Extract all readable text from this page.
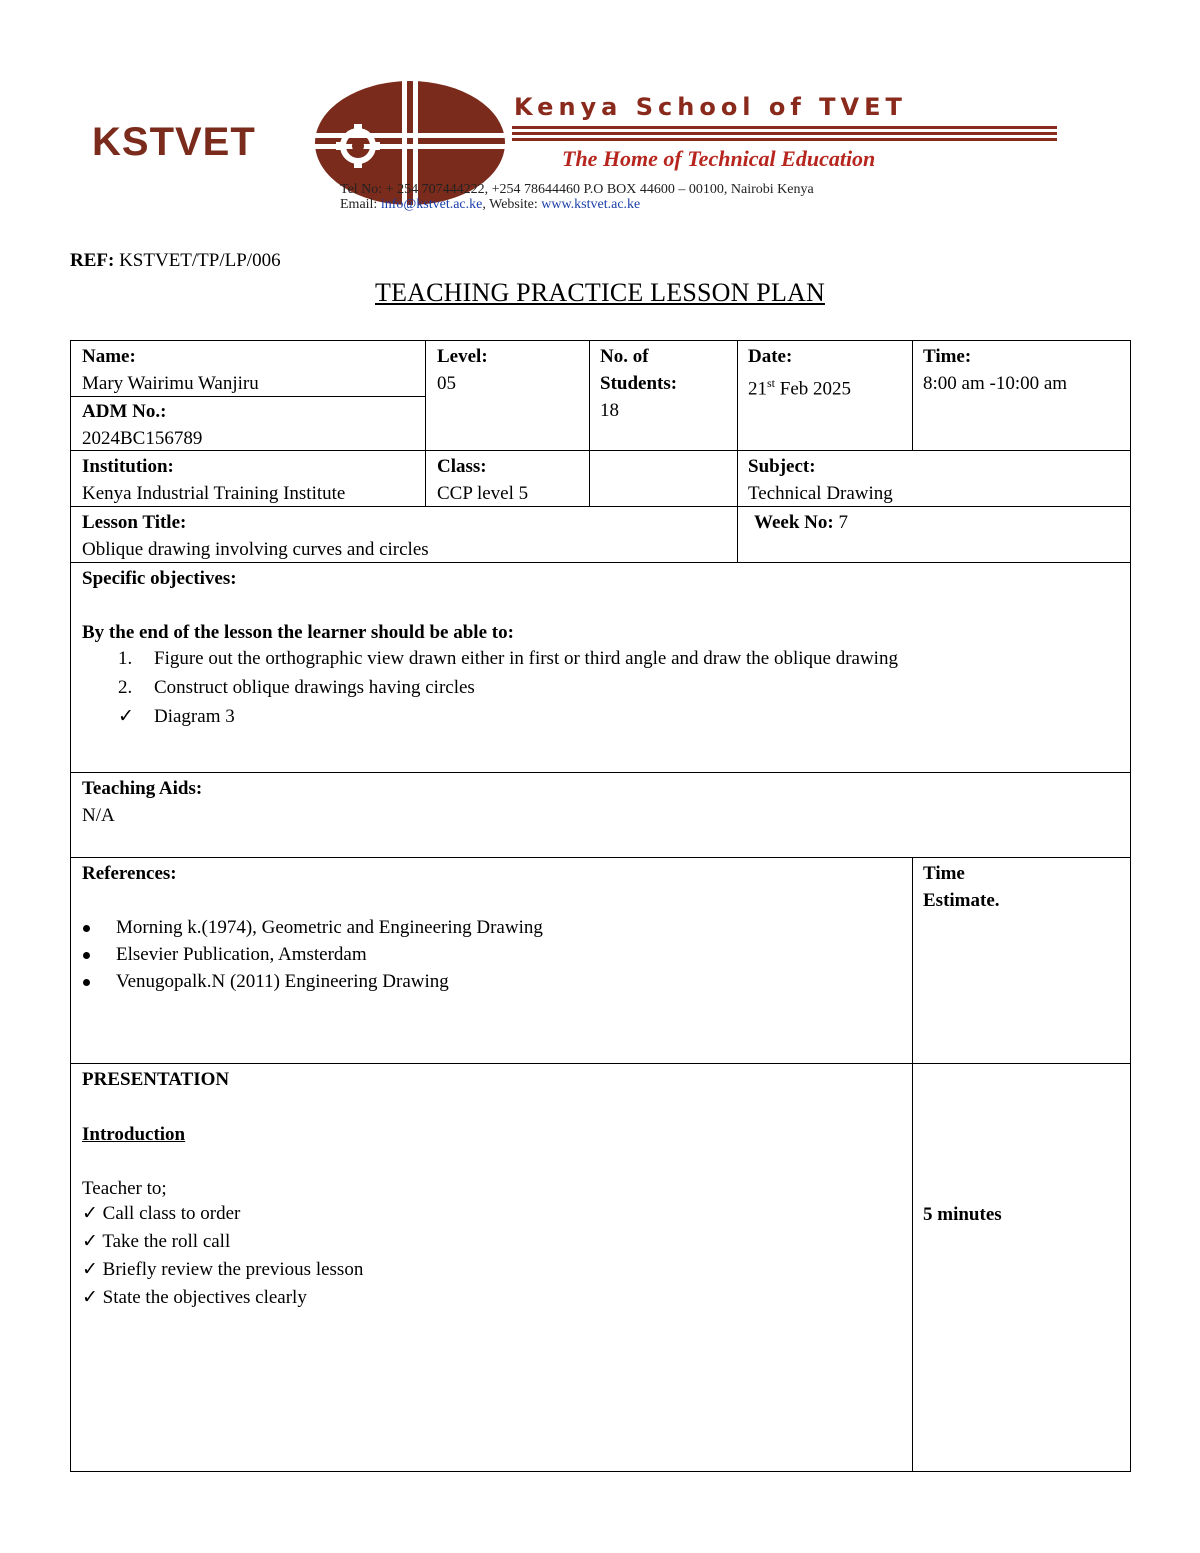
KSTVET
Kenya School of TVET
The Home of Technical Education
Tel No: + 254 707444222, +254 78644460 P.O BOX 44600 – 00100, Nairobi Kenya
Email: info@kstvet.ac.ke, Website: www.kstvet.ac.ke
REF: KSTVET/TP/LP/006
TEACHING PRACTICE LESSON PLAN
Name:
Mary Wairimu Wanjiru
ADM No.:
2024BC156789
Level:
05
No. of
Students:
18
Date:
21st Feb 2025
Time:
8:00 am -10:00 am
Institution:
Kenya Industrial Training Institute
Class:
CCP level 5
Subject:
Technical Drawing
Lesson Title:
Oblique drawing involving curves and circles
Week No: 7
Specific objectives:
By the end of the lesson the learner should be able to:
1. Figure out the orthographic view drawn either in first or third angle and draw the oblique drawing
2. Construct oblique drawings having circles
✓ Diagram 3
Teaching Aids:
N/A
References:
Morning k.(1974), Geometric and Engineering Drawing
Elsevier Publication, Amsterdam
Venugopalk.N (2011) Engineering Drawing
Time
Estimate.
PRESENTATION
Introduction
Teacher to;
✓ Call class to order
✓ Take the roll call
✓ Briefly review the previous lesson
✓ State the objectives clearly
5 minutes
